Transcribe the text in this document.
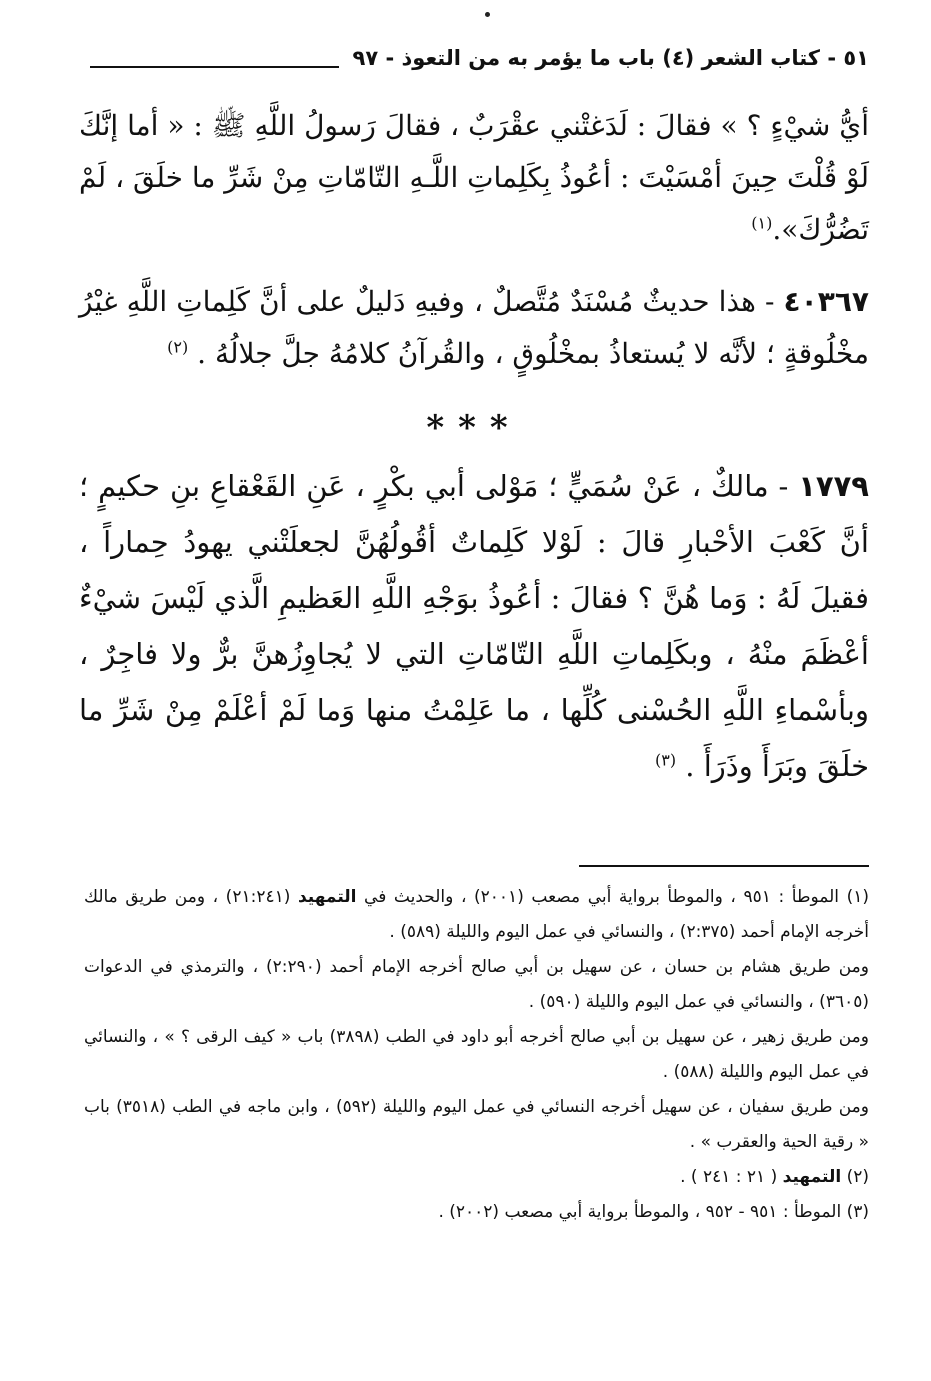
٥١ - كتاب الشعر (٤) باب ما يؤمر به من التعوذ - ٩٧

أيُّ شيْءٍ ؟ » فقالَ : لَدَغتْني عقْرَبٌ ، فقالَ رَسولُ اللَّهِ ﷺ : « أما إنَّكَ لَوْ قُلْتَ حِينَ أمْسَيْتَ : أعُوذُ بِكَلِماتِ اللَّـهِ التّامّاتِ مِنْ شَرِّ ما خلَقَ ، لَمْ تَضُرُّكَ».$^{(١)}$

٤٠٣٦٧ - هذا حديثٌ مُسْنَدٌ مُتَّصلٌ ، وفيهِ دَليلٌ على أنَّ كَلِماتِ اللَّهِ غيْرُ مخْلُوقةٍ ؛ لأنَّه لا يُستعاذُ بمخْلُوقٍ ، والقُرآنُ كلامُهُ جلَّ جلالُهُ . $^{(٢)}$

***

١٧٧٩ - مالكٌ ، عَنْ سُمَيٍّ ؛ مَوْلى أبي بكْرٍ ، عَنِ القَعْقاعِ بنِ حكيمٍ ؛ أنَّ كَعْبَ الأحْبارِ قالَ : لَوْلا كَلِماتٌ أقُولُهُنَّ لجعلَتْني يهودُ حِماراً ، فقيلَ لَهُ : وَما هُنَّ ؟ فقالَ : أعُوذُ بوَجْهِ اللَّهِ العَظيمِ الَّذي لَيْسَ شيْءٌ أعْظَمَ منْهُ ، وبكَلِماتِ اللَّهِ التّامّاتِ التي لا يُجاوِزُهنَّ برٌّ ولا فاجِرٌ ، وبأسْماءِ اللَّهِ الحُسْنى كُلِّها ، ما عَلِمْتُ منها وَما لَمْ أعْلَمْ مِنْ شَرِّ ما خلَقَ وبَرَأَ وذَرَأَ . $^{(٣)}$

(١) الموطأ : ٩٥١ ، والموطأ برواية أبي مصعب (٢٠٠١) ، والحديث في التمهيد (٢١:٢٤١) ، ومن طريق مالك أخرجه الإمام أحمد (٢:٣٧٥) ، والنسائي في عمل اليوم والليلة (٥٨٩) .

ومن طريق هشام بن حسان ، عن سهيل بن أبي صالح أخرجه الإمام أحمد (٢:٢٩٠) ، والترمذي في الدعوات (٣٦٠٥) ، والنسائي في عمل اليوم والليلة (٥٩٠) .

ومن طريق زهير ، عن سهيل بن أبي صالح أخرجه أبو داود في الطب (٣٨٩٨) باب « كيف الرقى ؟ » ، والنسائي في عمل اليوم والليلة (٥٨٨) .

ومن طريق سفيان ، عن سهيل أخرجه النسائي في عمل اليوم والليلة (٥٩٢) ، وابن ماجه في الطب (٣٥١٨) باب « رقية الحية والعقرب » .

(٢) التمهيد ( ٢١ : ٢٤١ ) .

(٣) الموطأ : ٩٥١ - ٩٥٢ ، والموطأ برواية أبي مصعب (٢٠٠٢) .
